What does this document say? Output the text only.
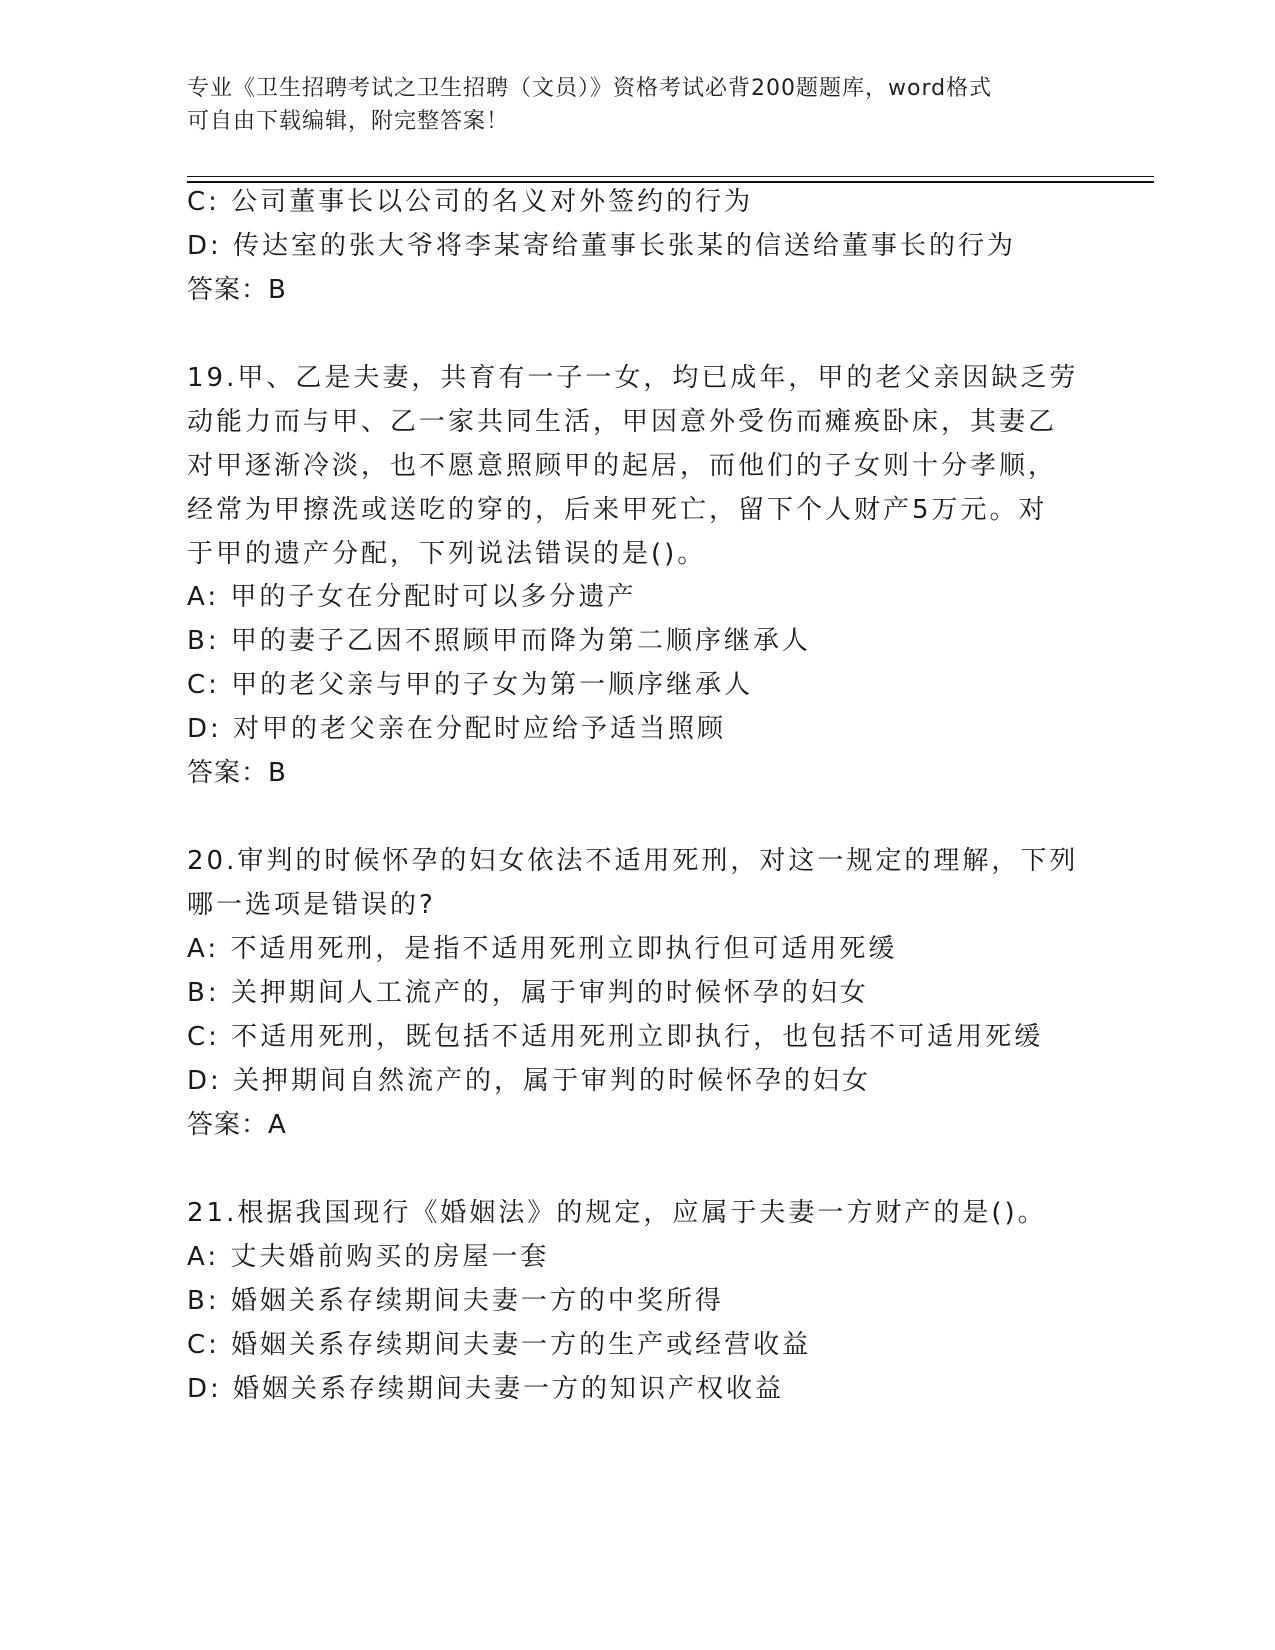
专业《卫生招聘考试之卫生招聘（文员）》资格考试必背200题题库，word格式
可自由下载编辑，附完整答案！
C: 公司董事长以公司的名义对外签约的行为
D: 传达室的张大爷将李某寄给董事长张某的信送给董事长的行为
答案：B
19.甲、乙是夫妻，共育有一子一女，均已成年，甲的老父亲因缺乏劳
动能力而与甲、乙一家共同生活，甲因意外受伤而瘫痪卧床，其妻乙
对甲逐渐冷淡，也不愿意照顾甲的起居，而他们的子女则十分孝顺，
经常为甲擦洗或送吃的穿的，后来甲死亡，留下个人财产5万元。对
于甲的遗产分配，下列说法错误的是()。
A: 甲的子女在分配时可以多分遗产
B: 甲的妻子乙因不照顾甲而降为第二顺序继承人
C: 甲的老父亲与甲的子女为第一顺序继承人
D: 对甲的老父亲在分配时应给予适当照顾
答案：B
20.审判的时候怀孕的妇女依法不适用死刑，对这一规定的理解，下列
哪一选项是错误的?
A: 不适用死刑，是指不适用死刑立即执行但可适用死缓
B: 关押期间人工流产的，属于审判的时候怀孕的妇女
C: 不适用死刑，既包括不适用死刑立即执行，也包括不可适用死缓
D: 关押期间自然流产的，属于审判的时候怀孕的妇女
答案：A
21.根据我国现行《婚姻法》的规定，应属于夫妻一方财产的是()。
A: 丈夫婚前购买的房屋一套
B: 婚姻关系存续期间夫妻一方的中奖所得
C: 婚姻关系存续期间夫妻一方的生产或经营收益
D: 婚姻关系存续期间夫妻一方的知识产权收益
